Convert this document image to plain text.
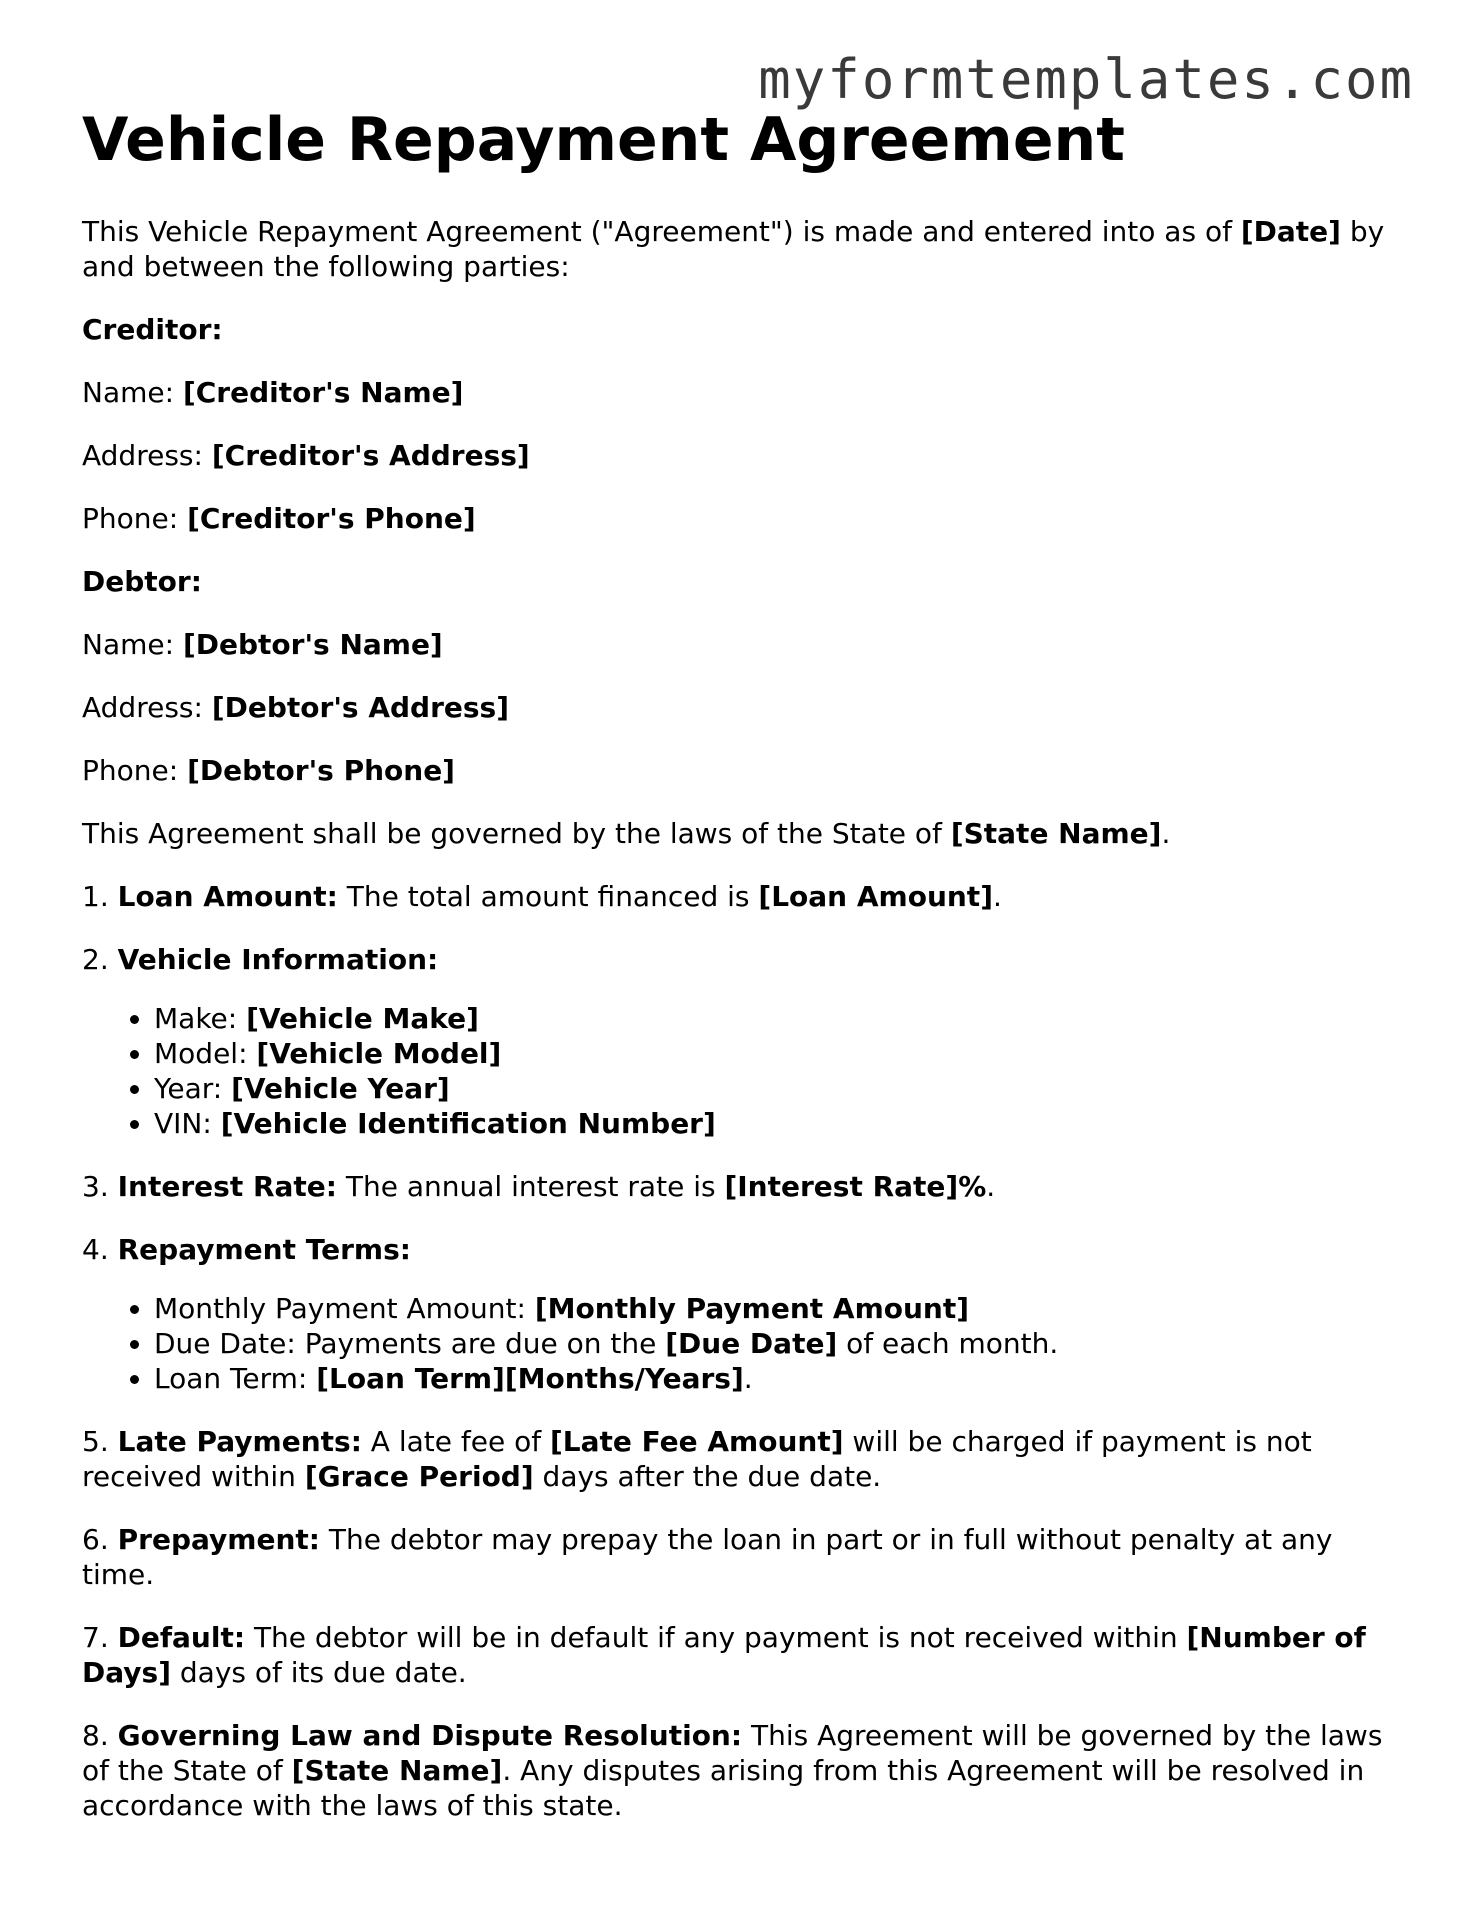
myformtemplates.com
Vehicle Repayment Agreement

This Vehicle Repayment Agreement ("Agreement") is made and entered into as of [Date] by and between the following parties:

Creditor:

Name: [Creditor's Name]

Address: [Creditor's Address]

Phone: [Creditor's Phone]

Debtor:

Name: [Debtor's Name]

Address: [Debtor's Address]

Phone: [Debtor's Phone]

This Agreement shall be governed by the laws of the State of [State Name].

1. Loan Amount: The total amount financed is [Loan Amount].

2. Vehicle Information:

• Make: [Vehicle Make]
• Model: [Vehicle Model]
• Year: [Vehicle Year]
• VIN: [Vehicle Identification Number]

3. Interest Rate: The annual interest rate is [Interest Rate]%.

4. Repayment Terms:

• Monthly Payment Amount: [Monthly Payment Amount]
• Due Date: Payments are due on the [Due Date] of each month.
• Loan Term: [Loan Term][Months/Years].

5. Late Payments: A late fee of [Late Fee Amount] will be charged if payment is not received within [Grace Period] days after the due date.

6. Prepayment: The debtor may prepay the loan in part or in full without penalty at any time.

7. Default: The debtor will be in default if any payment is not received within [Number of Days] days of its due date.

8. Governing Law and Dispute Resolution: This Agreement will be governed by the laws of the State of [State Name]. Any disputes arising from this Agreement will be resolved in accordance with the laws of this state.
